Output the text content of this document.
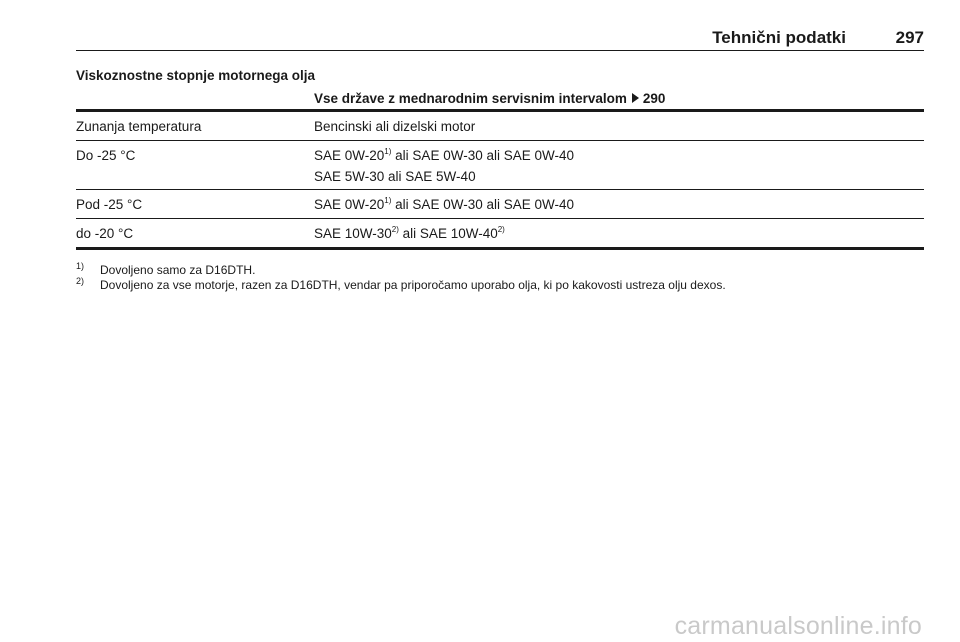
Tehnični podatki	297
Viskoznostne stopnje motornega olja
Vse države z mednarodnim servisnim intervalom 290
Zunanja temperatura	Bencinski ali dizelski motor
Do -25 °C	SAE 0W-20$^{1)}$ ali SAE 0W-30 ali SAE 0W-40
SAE 5W-30 ali SAE 5W-40
Pod -25 °C	SAE 0W-20$^{1)}$ ali SAE 0W-30 ali SAE 0W-40
do -20 °C	SAE 10W-30$^{2)}$ ali SAE 10W-40$^{2)}$
1) Dovoljeno samo za D16DTH.
2) Dovoljeno za vse motorje, razen za D16DTH, vendar pa priporočamo uporabo olja, ki po kakovosti ustreza olju dexos.
carmanualsonline.info
